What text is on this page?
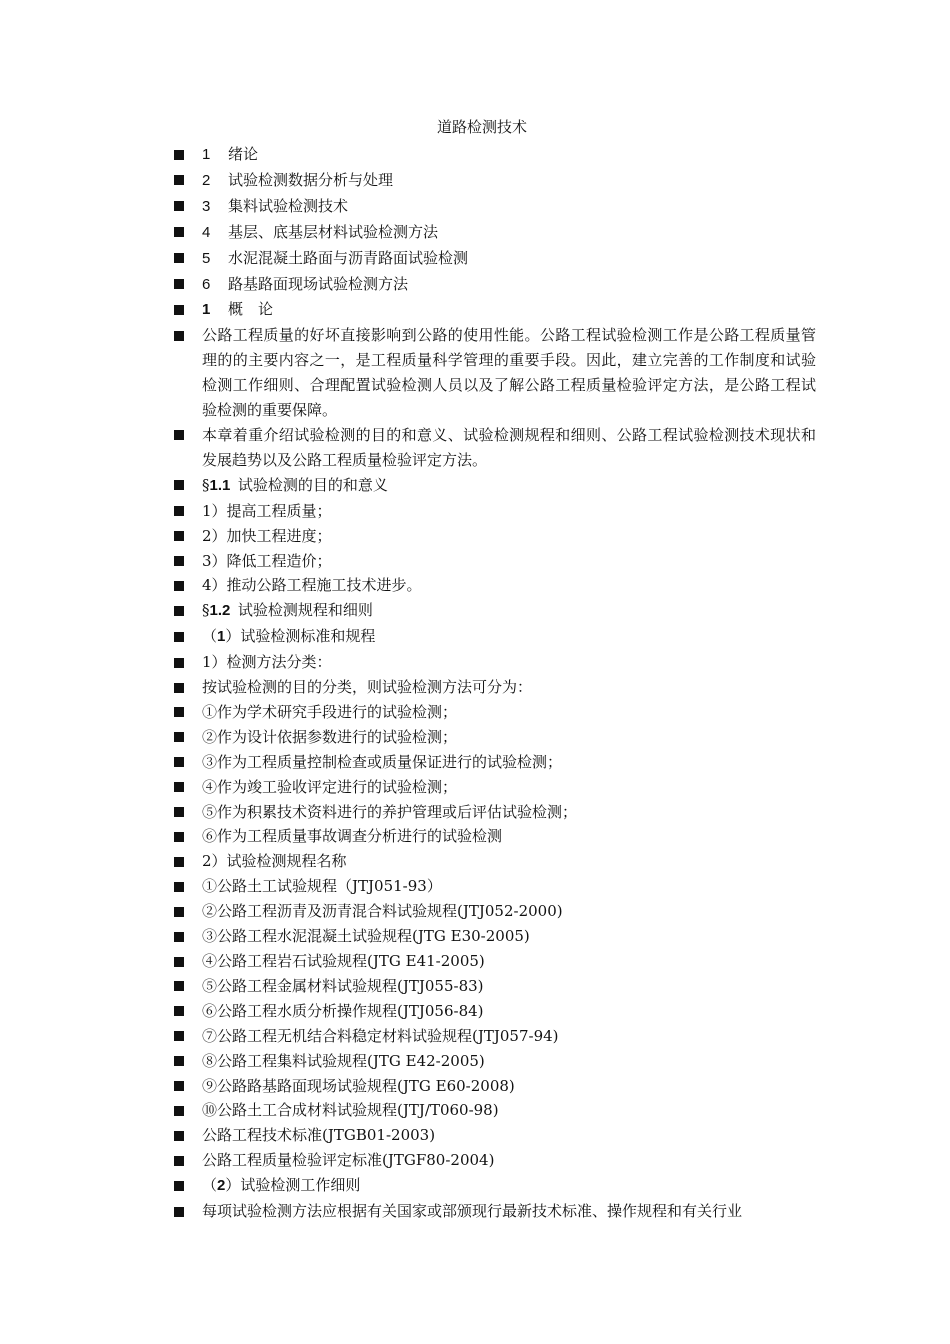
道路检测技术
1 绪论
2 试验检测数据分析与处理
3 集料试验检测技术
4 基层、底基层材料试验检测方法
5 水泥混凝土路面与沥青路面试验检测
6 路基路面现场试验检测方法
1 概　论
公路工程质量的好坏直接影响到公路的使用性能。公路工程试验检测工作是公路工程质量管理的的主要内容之一，是工程质量科学管理的重要手段。因此，建立完善的工作制度和试验检测工作细则、合理配置试验检测人员以及了解公路工程质量检验评定方法，是公路工程试验检测的重要保障。
本章着重介绍试验检测的目的和意义、试验检测规程和细则、公路工程试验检测技术现状和发展趋势以及公路工程质量检验评定方法。
§1.1  试验检测的目的和意义
1）提高工程质量；
2）加快工程进度；
3）降低工程造价；
4）推动公路工程施工技术进步。
§1.2  试验检测规程和细则
（1）试验检测标准和规程
1）检测方法分类：
按试验检测的目的分类，则试验检测方法可分为：
①作为学术研究手段进行的试验检测；
②作为设计依据参数进行的试验检测；
③作为工程质量控制检查或质量保证进行的试验检测；
④作为竣工验收评定进行的试验检测；
⑤作为积累技术资料进行的养护管理或后评估试验检测；
⑥作为工程质量事故调查分析进行的试验检测
2）试验检测规程名称
①公路土工试验规程（JTJ051-93）
②公路工程沥青及沥青混合料试验规程(JTJ052-2000)
③公路工程水泥混凝土试验规程(JTG E30-2005)
④公路工程岩石试验规程(JTG E41-2005)
⑤公路工程金属材料试验规程(JTJ055-83)
⑥公路工程水质分析操作规程(JTJ056-84)
⑦公路工程无机结合料稳定材料试验规程(JTJ057-94)
⑧公路工程集料试验规程(JTG E42-2005)
⑨公路路基路面现场试验规程(JTG E60-2008)
⑩公路土工合成材料试验规程(JTJ/T060-98)
公路工程技术标准(JTGB01-2003)
公路工程质量检验评定标准(JTGF80-2004)
（2）试验检测工作细则
每项试验检测方法应根据有关国家或部颁现行最新技术标准、操作规程和有关行业
